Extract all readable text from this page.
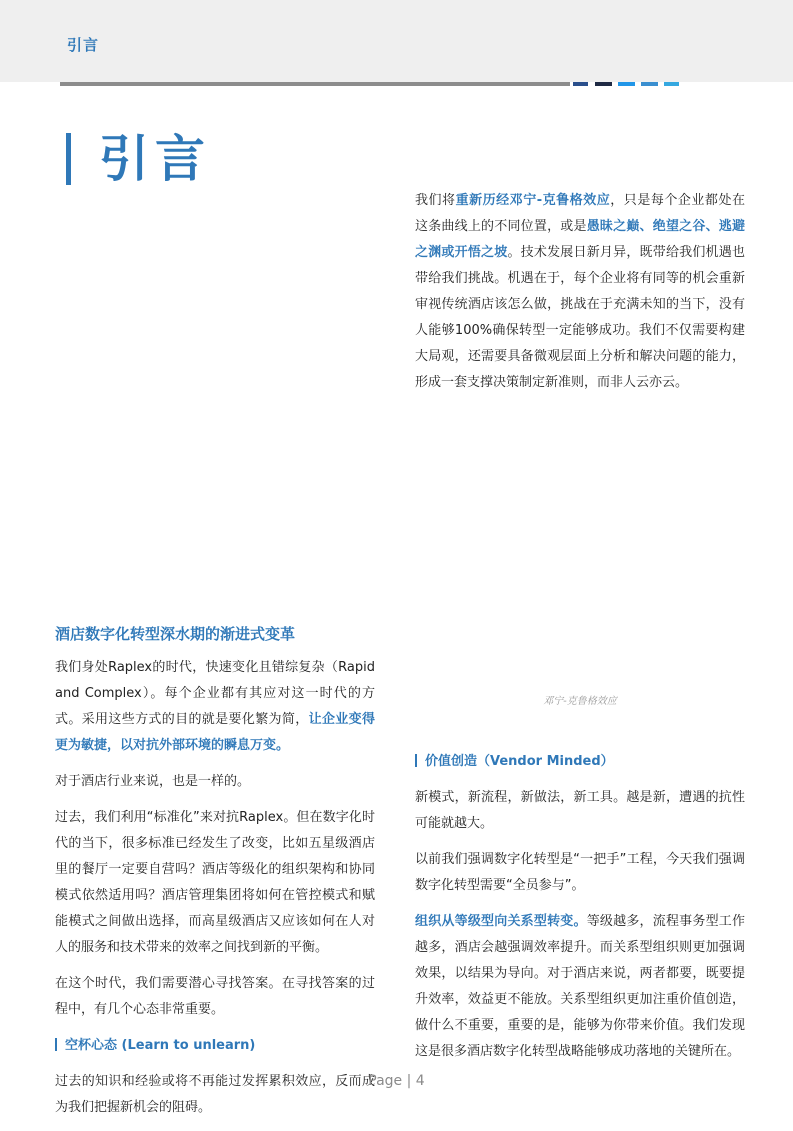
引言
引言

我们将重新历经邓宁-克鲁格效应，只是每个企业都处在这条曲线上的不同位置，或是愚昧之巅、绝望之谷、逃避之渊或开悟之坡。技术发展日新月异，既带给我们机遇也带给我们挑战。机遇在于，每个企业将有同等的机会重新审视传统酒店该怎么做，挑战在于充满未知的当下，没有人能够100%确保转型一定能够成功。我们不仅需要构建大局观，还需要具备微观层面上分析和解决问题的能力，形成一套支撑决策制定新准则，而非人云亦云。

邓宁-克鲁格效应
酒店数字化转型深水期的渐进式变革

我们身处Raplex的时代，快速变化且错综复杂（Rapid and Complex）。每个企业都有其应对这一时代的方式。采用这些方式的目的就是要化繁为简，让企业变得更为敏捷，以对抗外部环境的瞬息万变。

对于酒店行业来说，也是一样的。

过去，我们利用“标准化”来对抗Raplex。但在数字化时代的当下，很多标准已经发生了改变，比如五星级酒店里的餐厅一定要自营吗？酒店等级化的组织架构和协同模式依然适用吗？酒店管理集团将如何在管控模式和赋能模式之间做出选择，而高星级酒店又应该如何在人对人的服务和技术带来的效率之间找到新的平衡。

在这个时代，我们需要潜心寻找答案。在寻找答案的过程中，有几个心态非常重要。

空杯心态 (Learn to unlearn)

过去的知识和经验或将不再能过发挥累积效应，反而成为我们把握新机会的阻碍。

价值创造（Vendor Minded）

新模式，新流程，新做法，新工具。越是新，遭遇的抗性可能就越大。

以前我们强调数字化转型是“一把手”工程，今天我们强调数字化转型需要“全员参与”。

组织从等级型向关系型转变。等级越多，流程事务型工作越多，酒店会越强调效率提升。而关系型组织则更加强调效果，以结果为导向。对于酒店来说，两者都要，既要提升效率，效益更不能放。关系型组织更加注重价值创造，做什么不重要，重要的是，能够为你带来价值。我们发现这是很多酒店数字化转型战略能够成功落地的关键所在。

Page | 4
